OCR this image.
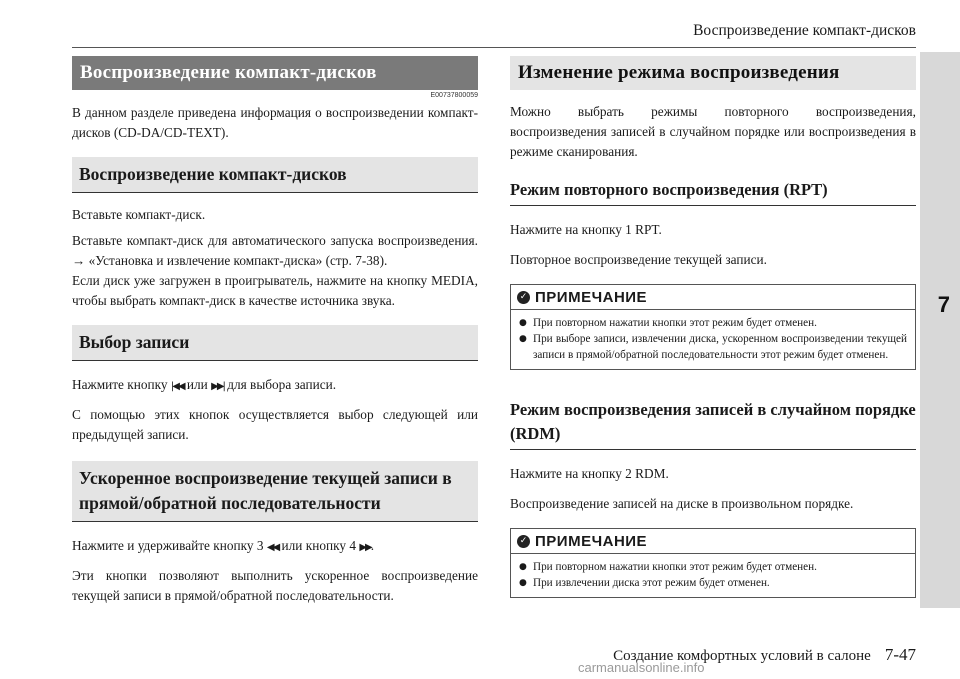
Воспроизведение компакт-дисков
7
Воспроизведение компакт-дисков
E00737800059

В данном разделе приведена информация о воспроизведении компакт-дисков (CD-DA/CD-TEXT).

Воспроизведение компакт-дисков

Вставьте компакт-диск.

Вставьте компакт-диск для автоматического запуска воспроизведения. → «Установка и извлечение компакт-диска» (стр. 7-38).

Если диск уже загружен в проигрыватель, нажмите на кнопку MEDIA, чтобы выбрать компакт-диск в качестве источника звука.

Выбор записи

Нажмите кнопку |◀◀ или ▶▶| для выбора записи.

С помощью этих кнопок осуществляется выбор следующей или предыдущей записи.

Ускоренное воспроизведение текущей записи в прямой/обратной последовательности

Нажмите и удерживайте кнопку 3 ◀◀ или кнопку 4 ▶▶.

Эти кнопки позволяют выполнить ускоренное воспроизведение текущей записи в прямой/обратной последовательности.

Изменение режима воспроизведения

Можно выбрать режимы повторного воспроизведения, воспроизведения записей в случайном порядке или воспроизведения в режиме сканирования.

Режим повторного воспроизведения (RPT)

Нажмите на кнопку 1 RPT.

Повторное воспроизведение текущей записи.

✓ ПРИМЕЧАНИЕ
● При повторном нажатии кнопки этот режим будет отменен.
● При выборе записи, извлечении диска, ускоренном воспроизведении текущей записи в прямой/обратной последовательности этот режим будет отменен.
Режим воспроизведения записей в случайном порядке (RDM)

Нажмите на кнопку 2 RDM.

Воспроизведение записей на диске в произвольном порядке.

✓ ПРИМЕЧАНИЕ
● При повторном нажатии кнопки этот режим будет отменен.
● При извлечении диска этот режим будет отменен.
Создание комфортных условий в салоне 7-47
carmanualsonline.info
